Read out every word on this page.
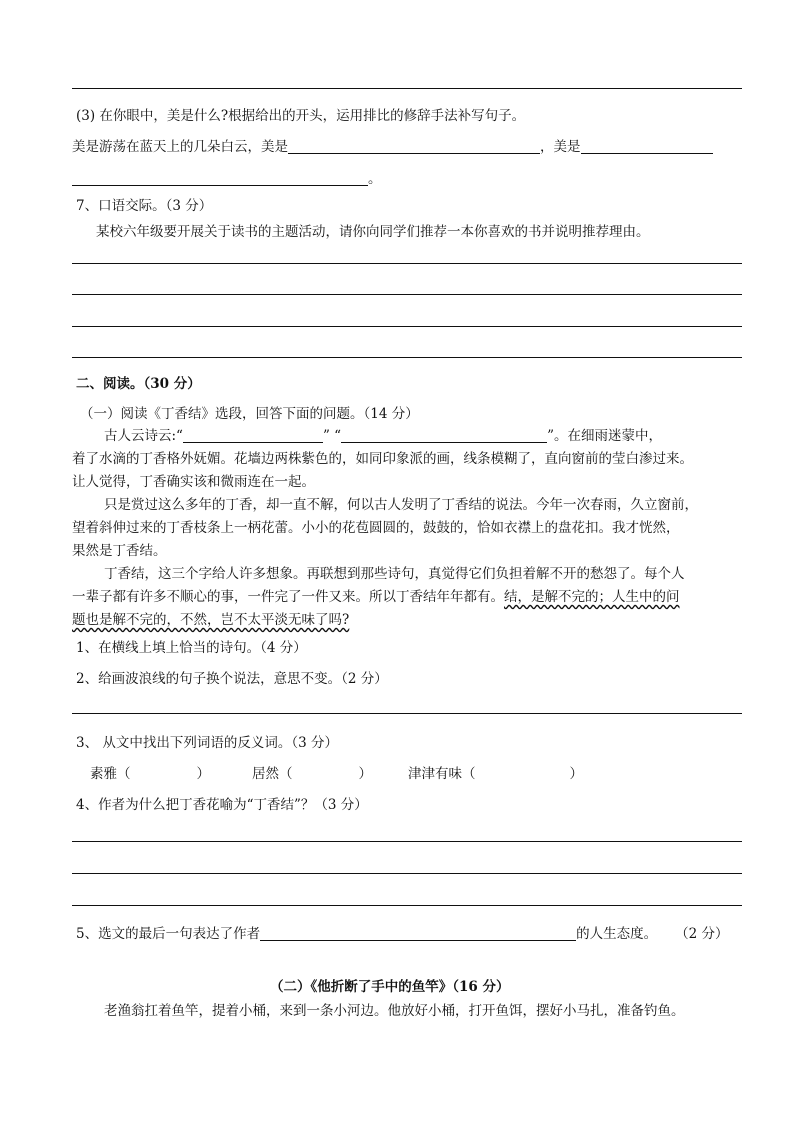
(3) 在你眼中，美是什么?根据给出的开头，运用排比的修辞手法补写句子。
美是游荡在蓝天上的几朵白云，美是	，美是
。
7、口语交际。（3 分）
某校六年级要开展关于读书的主题活动，请你向同学们推荐一本你喜欢的书并说明推荐理由。
二、阅读。（30 分）
（一）阅读《丁香结》选段，回答下面的问题。（14 分）
古人云诗云:“	” “	”。在细雨迷蒙中，
着了水滴的丁香格外妩媚。花墙边两株紫色的，如同印象派的画，线条模糊了，直向窗前的莹白渗过来。
让人觉得，丁香确实该和微雨连在一起。
只是赏过这么多年的丁香，却一直不解，何以古人发明了丁香结的说法。今年一次春雨，久立窗前，
望着斜伸过来的丁香枝条上一柄花蕾。小小的花苞圆圆的，鼓鼓的，恰如衣襟上的盘花扣。我才恍然，
果然是丁香结。
丁香结，这三个字给人许多想象。再联想到那些诗句，真觉得它们负担着解不开的愁怨了。每个人
一辈子都有许多不顺心的事，一件完了一件又来。所以丁香结年年都有。结，是解不完的；人生中的问
题也是解不完的，不然，岂不太平淡无味了吗?
1、在横线上填上恰当的诗句。（4 分）
2、给画波浪线的句子换个说法，意思不变。（2 分）
3、 从文中找出下列词语的反义词。（3 分）
素雅（	）	居然（	）	津津有味（	）
4、作者为什么把丁香花喻为“丁香结”？（3 分）
5、选文的最后一句表达了作者	的人生态度。 （2 分）
（二）《他折断了手中的鱼竿》（16 分）
老渔翁扛着鱼竿，提着小桶，来到一条小河边。他放好小桶，打开鱼饵，摆好小马扎，准备钓鱼。
